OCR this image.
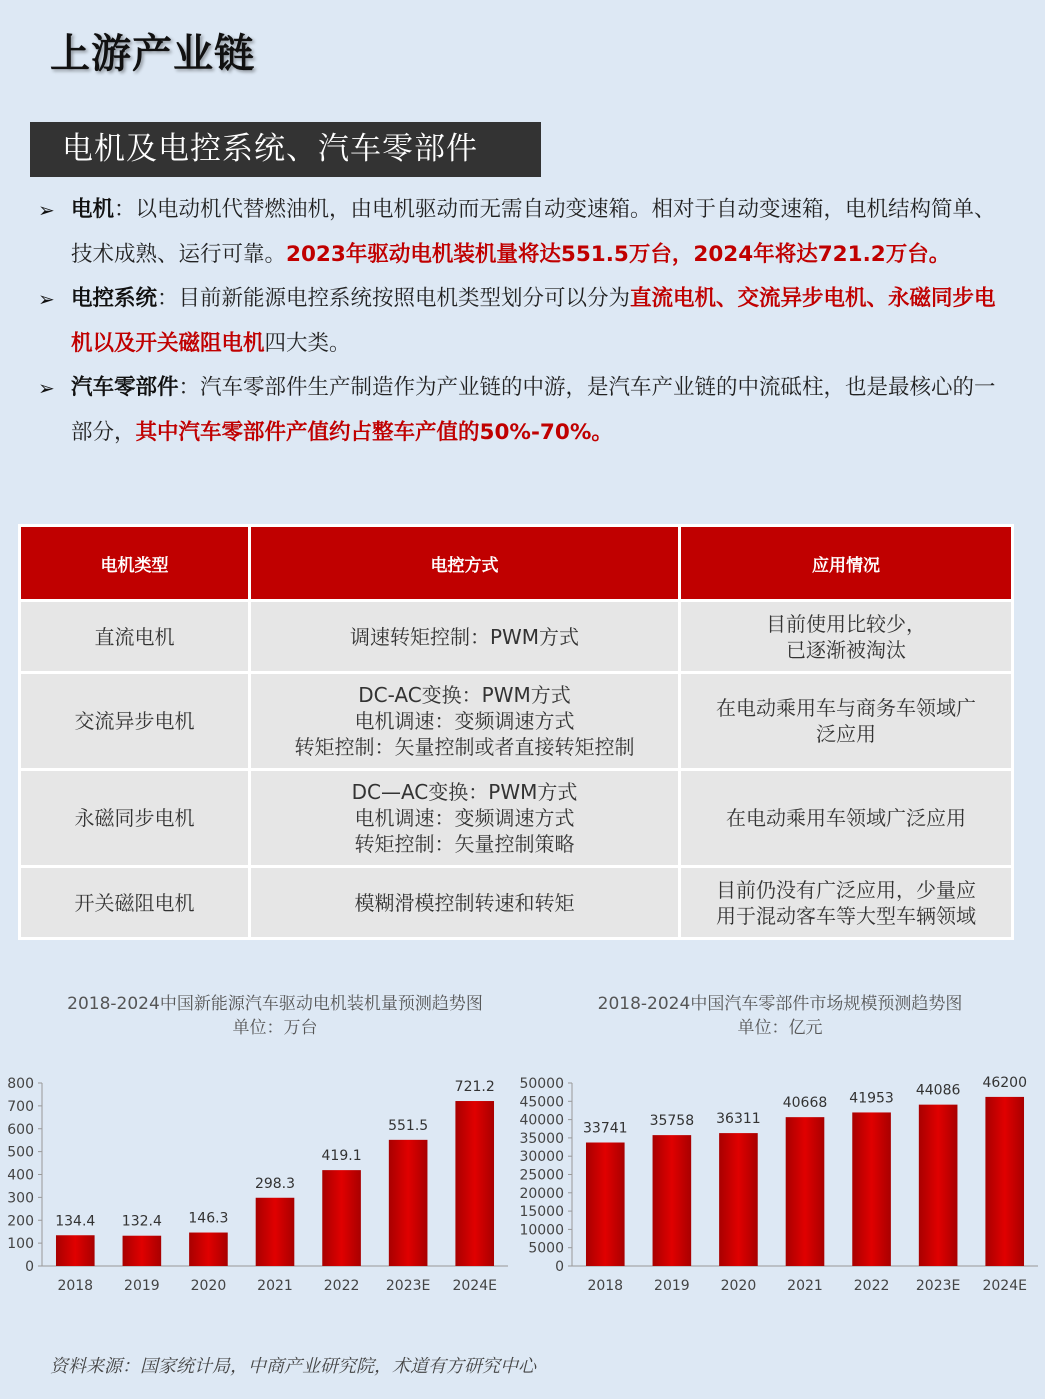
上游产业链
电机及电控系统、汽车零部件
➢ 电机：以电动机代替燃油机，由电机驱动而无需自动变速箱。相对于自动变速箱，电机结构简单、技术成熟、运行可靠。2023年驱动电机装机量将达551.5万台，2024年将达721.2万台。
➢ 电控系统：目前新能源电控系统按照电机类型划分可以分为直流电机、交流异步电机、永磁同步电机以及开关磁阻电机四大类。
➢ 汽车零部件：汽车零部件生产制造作为产业链的中游，是汽车产业链的中流砥柱，也是最核心的一部分，其中汽车零部件产值约占整车产值的50%-70%。
电机类型	电控方式	应用情况
直流电机	调速转矩控制：PWM方式	目前使用比较少，
已逐渐被淘汰

交流异步电机	DC-AC变换：PWM方式
电机调速：变频调速方式
转矩控制：矢量控制或者直接转矩控制	在电动乘用车与商务车领域广
泛应用

永磁同步电机	DC—AC变换：PWM方式
电机调速：变频调速方式
转矩控制：矢量控制策略	在电动乘用车领域广泛应用

开关磁阻电机	模糊滑模控制转速和转矩	目前仍没有广泛应用，少量应
用于混动客车等大型车辆领域
2018-2024中国新能源汽车驱动电机装机量预测趋势图
单位：万台
0
100
200
300
400
500
600
700
800
134.4
2018
132.4
2019
146.3
2020
298.3
2021
419.1
2022
551.5
2023E
721.2
2024E
2018-2024中国汽车零部件市场规模预测趋势图
单位：亿元
0
5000
10000
15000
20000
25000
30000
35000
40000
45000
50000
33741
2018
35758
2019
36311
2020
40668
2021
41953
2022
44086
2023E
46200
2024E
资料来源：国家统计局，中商产业研究院，术道有方研究中心
